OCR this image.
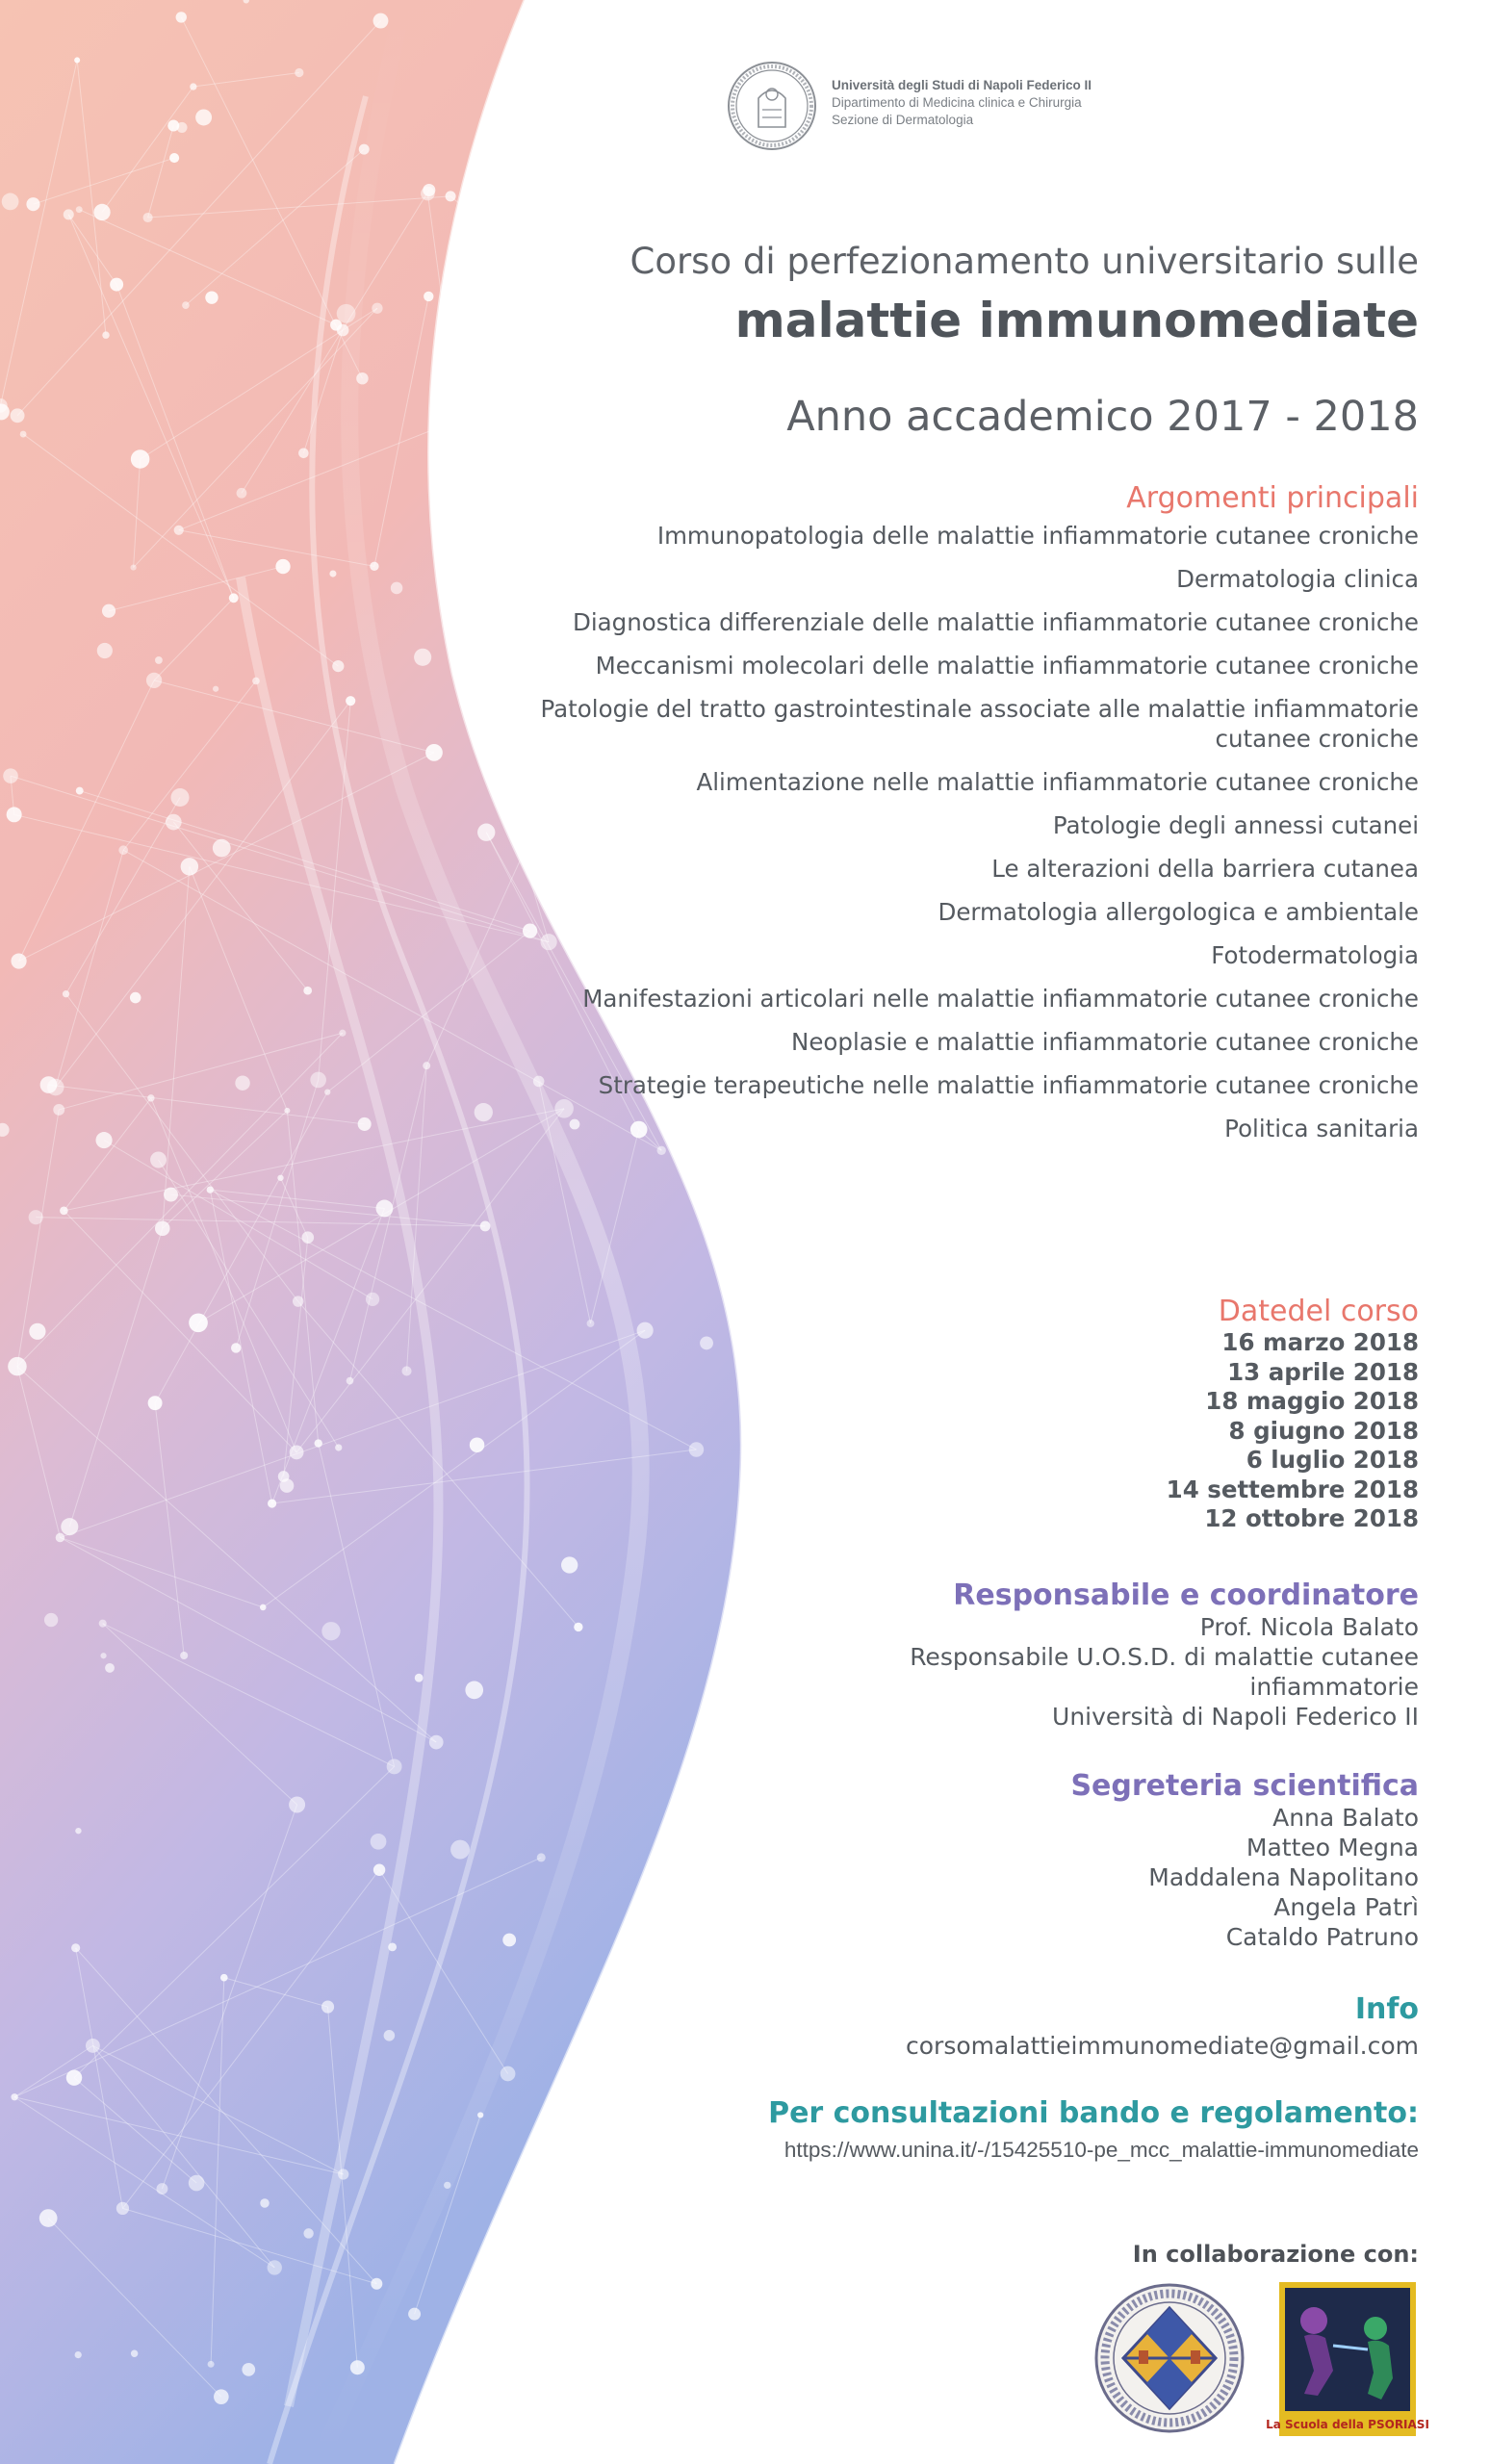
Università degli Studi di Napoli Federico II
Dipartimento di Medicina clinica e Chirurgia
Sezione di Dermatologia
Corso di perfezionamento universitario sulle
malattie immunomediate
Anno accademico 2017 - 2018
Argomenti principali
Immunopatologia delle malattie infiammatorie cutanee croniche
Dermatologia clinica
Diagnostica differenziale delle malattie infiammatorie cutanee croniche
Meccanismi molecolari delle malattie infiammatorie cutanee croniche
Patologie del tratto gastrointestinale associate alle malattie infiammatorie cutanee croniche
Alimentazione nelle malattie infiammatorie cutanee croniche
Patologie degli annessi cutanei
Le alterazioni della barriera cutanea
Dermatologia allergologica e ambientale
Fotodermatologia
Manifestazioni articolari nelle malattie infiammatorie cutanee croniche
Neoplasie e malattie infiammatorie cutanee croniche
Strategie terapeutiche nelle malattie infiammatorie cutanee croniche
Politica sanitaria
Datedel corso
16 marzo 2018
13 aprile 2018
18 maggio 2018
8 giugno 2018
6 luglio 2018
14 settembre 2018
12 ottobre 2018
Responsabile e coordinatore
Prof. Nicola Balato
Responsabile U.O.S.D. di malattie cutanee
infiammatorie
Università di Napoli Federico II
Segreteria scientifica
Anna Balato
Matteo Megna
Maddalena Napolitano
Angela Patrì
Cataldo Patruno
Info
corsomalattieimmunomediate@gmail.com
Per consultazioni bando e regolamento:
https://www.unina.it/-/15425510-pe_mcc_malattie-immunomediate
In collaborazione con:
La Scuola della PSORIASI
